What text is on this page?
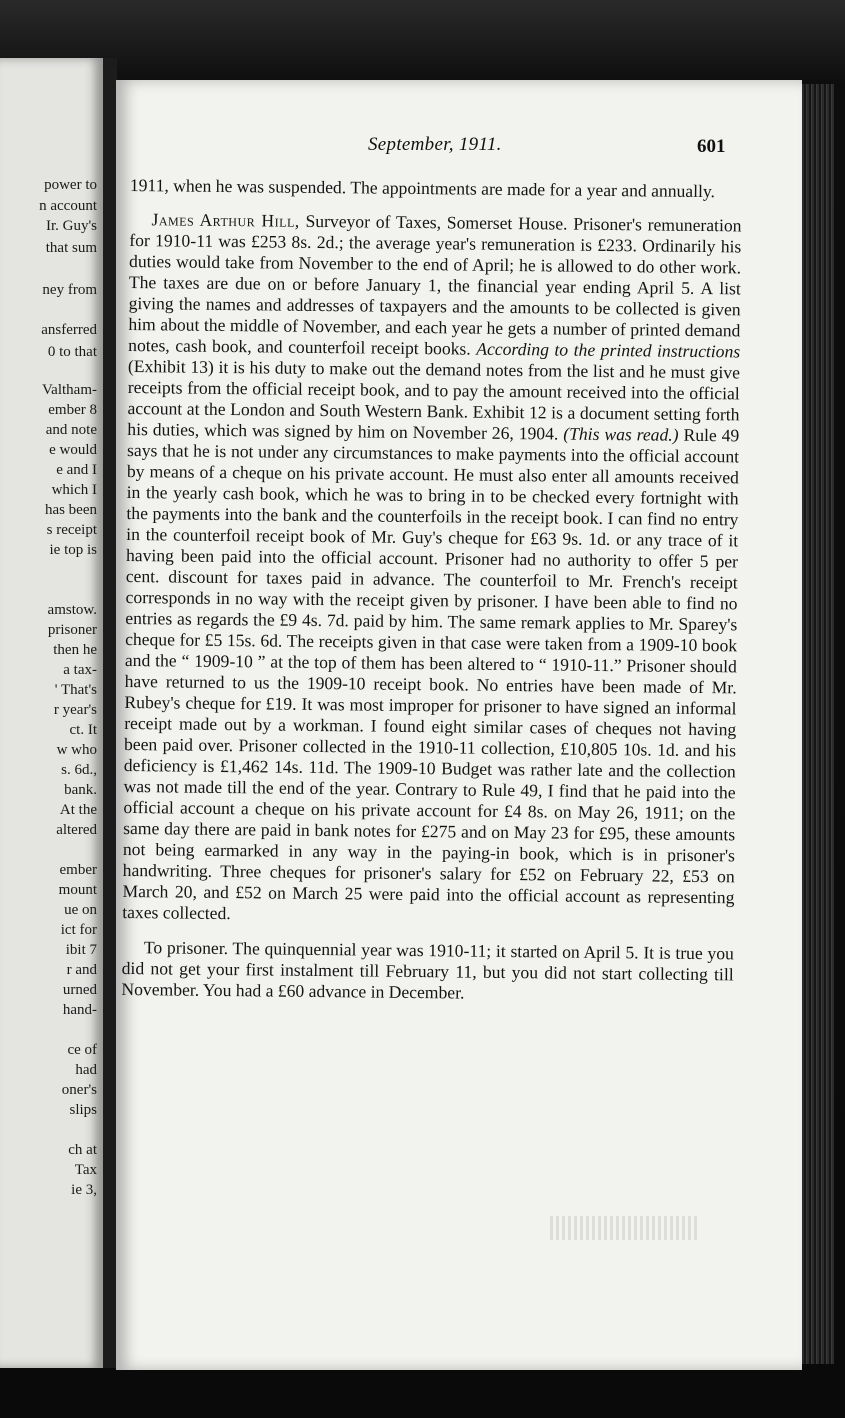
power to
n account
Ir. Guy's
that sum
ney from
ansferred
0 to that
Valtham-
ember 8
and note
e would
e and I
which I
has been
s receipt
ie top is
amstow.
prisoner
then he
a tax-
' That's
r year's
ct. It
w who
s. 6d.,
bank.
At the
altered
ember
mount
ue on
ict for
ibit 7
r and
urned
hand-
ce of
had
oner's
slips
ch at
Tax
ie 3,
September, 1911.	601

1911, when he was suspended. The appointments are made for a year and annually.

James Arthur Hill, Surveyor of Taxes, Somerset House. Prisoner's remuneration for 1910-11 was £253 8s. 2d.; the average year's remuneration is £233. Ordinarily his duties would take from November to the end of April; he is allowed to do other work. The taxes are due on or before January 1, the financial year ending April 5. A list giving the names and addresses of taxpayers and the amounts to be collected is given him about the middle of November, and each year he gets a number of printed demand notes, cash book, and counterfoil receipt books. According to the printed instructions (Exhibit 13) it is his duty to make out the demand notes from the list and he must give receipts from the official receipt book, and to pay the amount received into the official account at the London and South Western Bank. Exhibit 12 is a document setting forth his duties, which was signed by him on November 26, 1904. (This was read.) Rule 49 says that he is not under any circumstances to make payments into the official account by means of a cheque on his private account. He must also enter all amounts received in the yearly cash book, which he was to bring in to be checked every fortnight with the payments into the bank and the counterfoils in the receipt book. I can find no entry in the counterfoil receipt book of Mr. Guy's cheque for £63 9s. 1d. or any trace of it having been paid into the official account. Prisoner had no authority to offer 5 per cent. discount for taxes paid in advance. The counterfoil to Mr. French's receipt corresponds in no way with the receipt given by prisoner. I have been able to find no entries as regards the £9 4s. 7d. paid by him. The same remark applies to Mr. Sparey's cheque for £5 15s. 6d. The receipts given in that case were taken from a 1909-10 book and the “ 1909-10 ” at the top of them has been altered to “ 1910-11.” Prisoner should have returned to us the 1909-10 receipt book. No entries have been made of Mr. Rubey's cheque for £19. It was most improper for prisoner to have signed an informal receipt made out by a workman. I found eight similar cases of cheques not having been paid over. Prisoner collected in the 1910-11 collection, £10,805 10s. 1d. and his deficiency is £1,462 14s. 11d. The 1909-10 Budget was rather late and the collection was not made till the end of the year. Contrary to Rule 49, I find that he paid into the official account a cheque on his private account for £4 8s. on May 26, 1911; on the same day there are paid in bank notes for £275 and on May 23 for £95, these amounts not being earmarked in any way in the paying-in book, which is in prisoner's handwriting. Three cheques for prisoner's salary for £52 on February 22, £53 on March 20, and £52 on March 25 were paid into the official account as representing taxes collected.

To prisoner. The quinquennial year was 1910-11; it started on April 5. It is true you did not get your first instalment till February 11, but you did not start collecting till November. You had a £60 advance in December.
